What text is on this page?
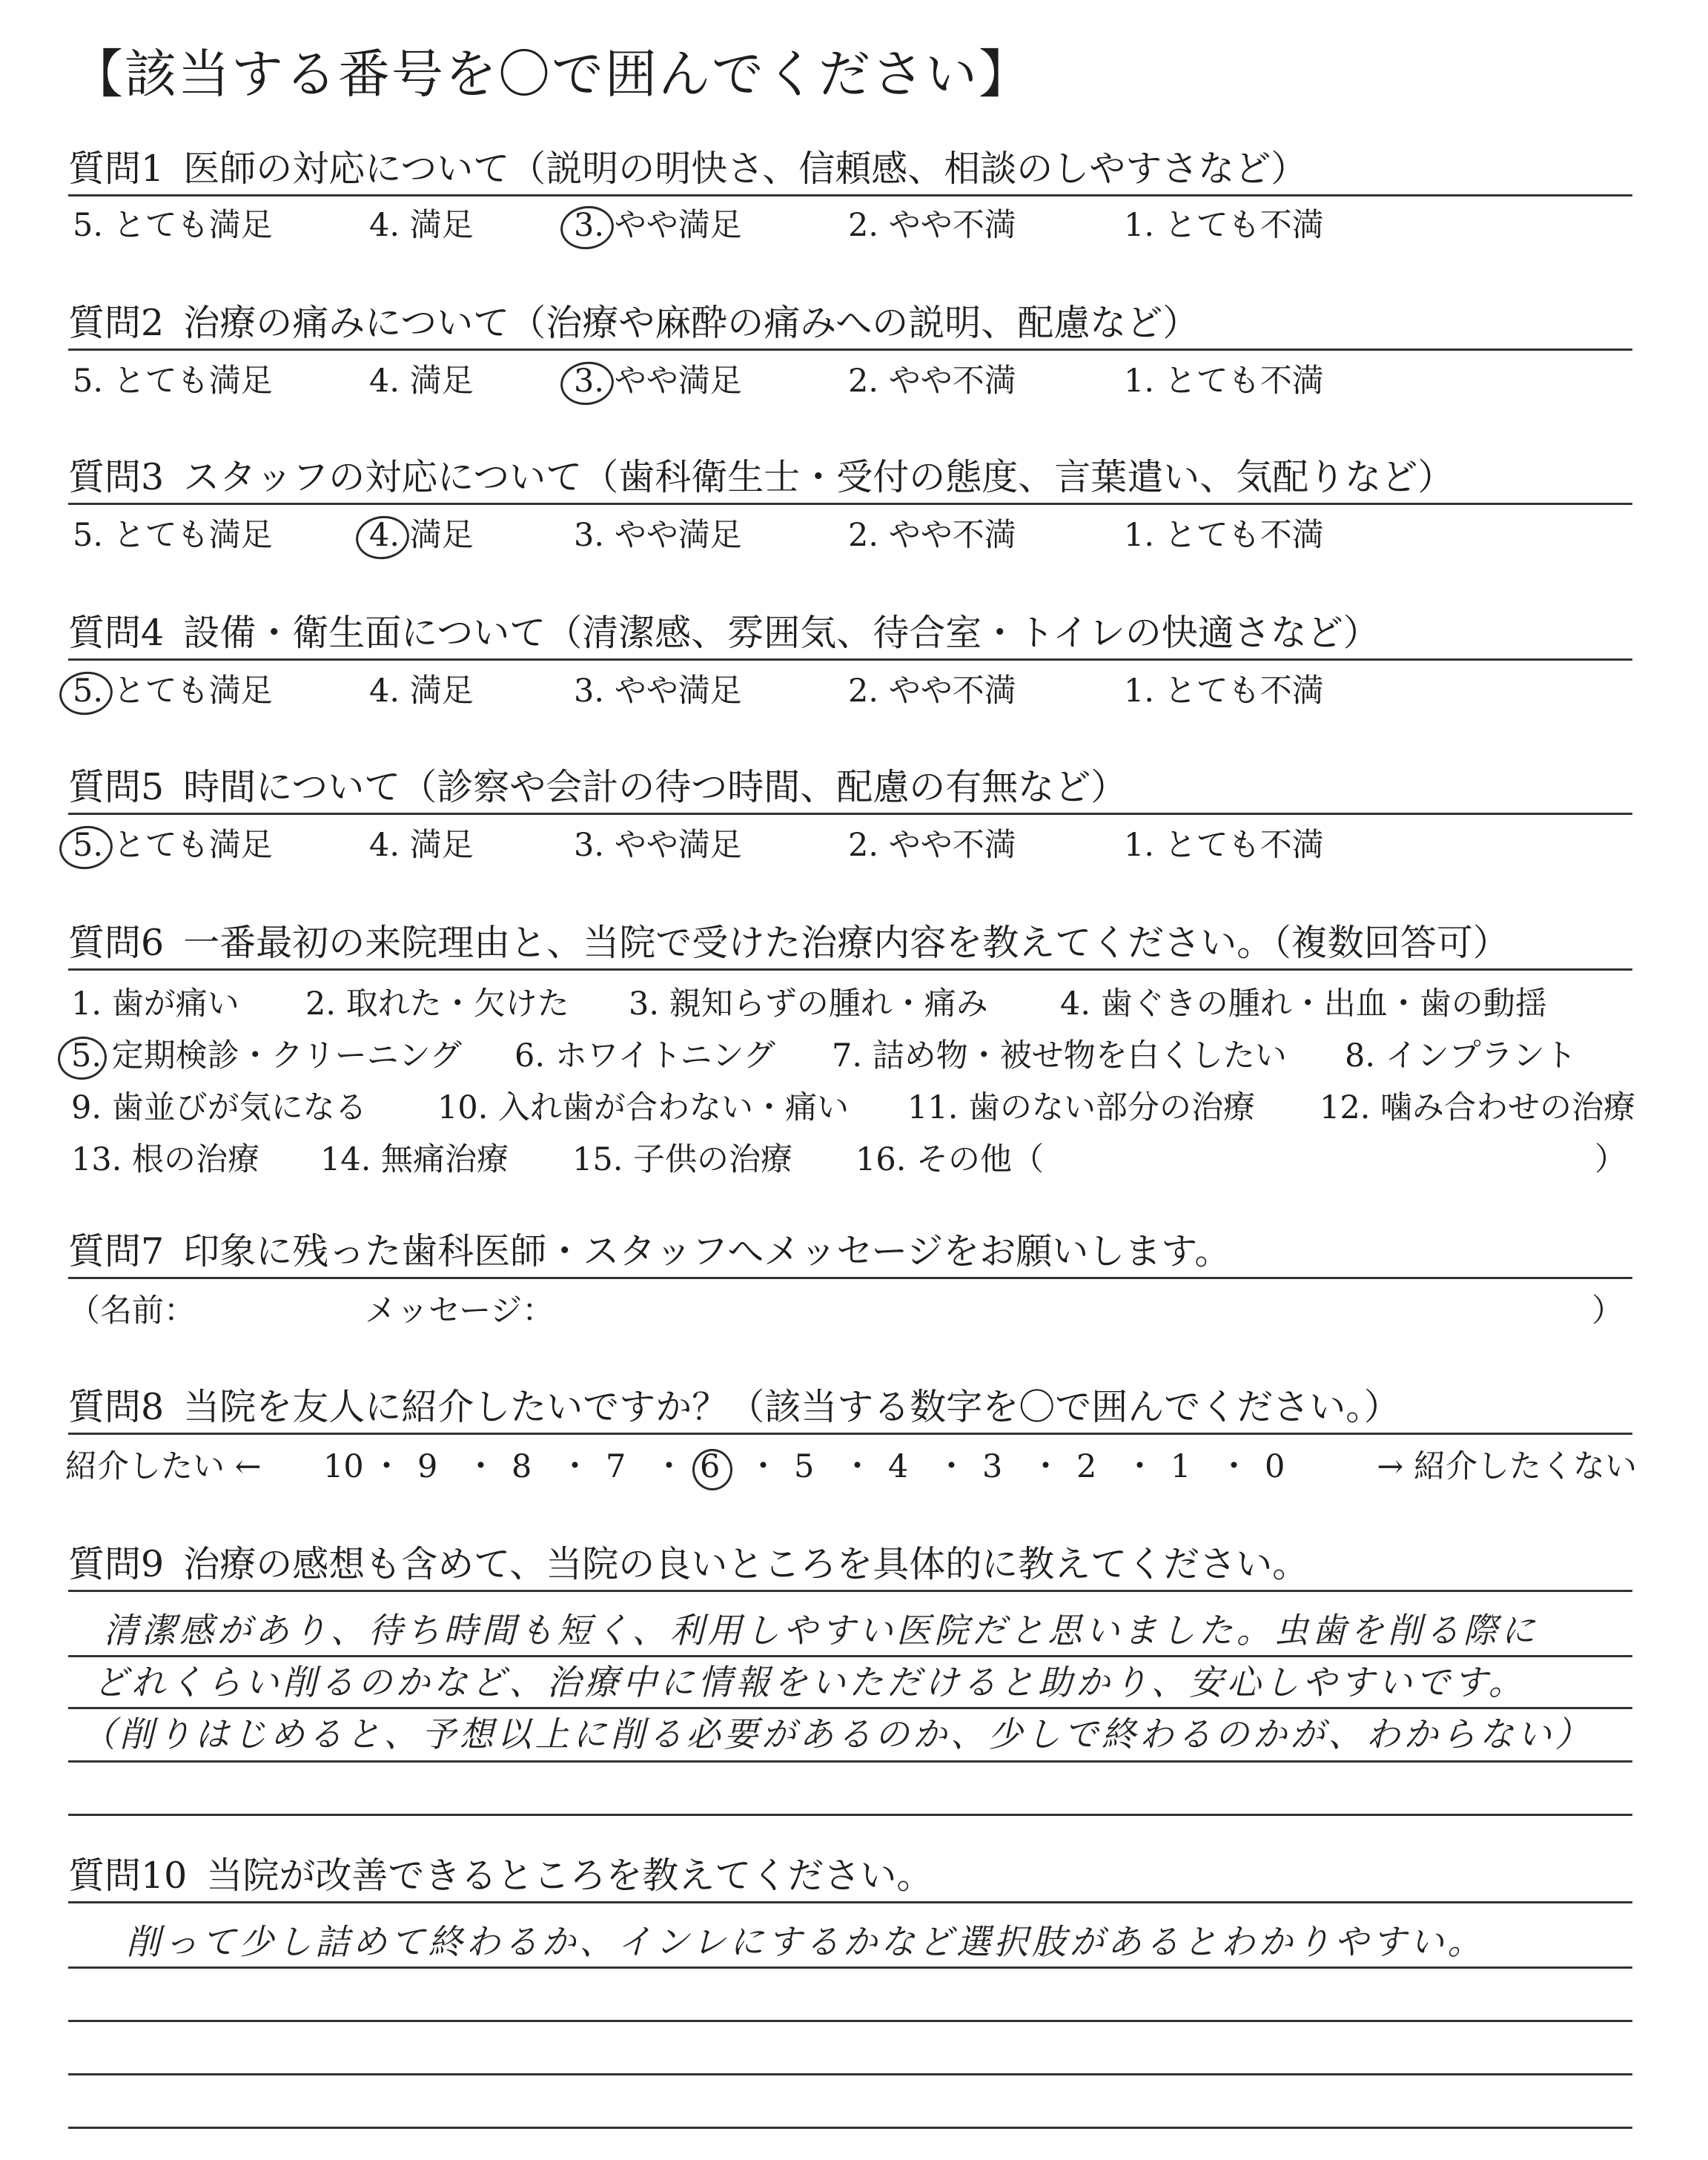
【該当する番号を〇で囲んでください】
質問1 医師の対応について（説明の明快さ、信頼感、相談のしやすさなど）
5. とても満足	4. 満足	3. やや満足	2. やや不満	1. とても不満
質問2 治療の痛みについて（治療や麻酔の痛みへの説明、配慮など）
5. とても満足	4. 満足	3. やや満足	2. やや不満	1. とても不満
質問3 スタッフの対応について（歯科衛生士・受付の態度、言葉遣い、気配りなど）
5. とても満足	4. 満足	3. やや満足	2. やや不満	1. とても不満
質問4 設備・衛生面について（清潔感、雰囲気、待合室・トイレの快適さなど）
5. とても満足	4. 満足	3. やや満足	2. やや不満	1. とても不満
質問5 時間について（診察や会計の待つ時間、配慮の有無など）
5. とても満足	4. 満足	3. やや満足	2. やや不満	1. とても不満
質問6 一番最初の来院理由と、当院で受けた治療内容を教えてください。（複数回答可）
1. 歯が痛い 2. 取れた・欠けた 3. 親知らずの腫れ・痛み 4. 歯ぐきの腫れ・出血・歯の動揺
5. 定期検診・クリーニング 6. ホワイトニング 7. 詰め物・被せ物を白くしたい 8. インプラント
9. 歯並びが気になる 10. 入れ歯が合わない・痛い 11. 歯のない部分の治療 12. 噛み合わせの治療
13. 根の治療 14. 無痛治療 15. 子供の治療 16. その他（	）
質問7 印象に残った歯科医師・スタッフへメッセージをお願いします。
（名前：	メッセージ：	）
質問8 当院を友人に紹介したいですか？（該当する数字を〇で囲んでください。）
紹介したい ←	→ 紹介したくない
10 ・ 9 ・ 8 ・ 7 ・ 6 ・ 5 ・ 4 ・ 3 ・ 2 ・ 1 ・ 0
質問9 治療の感想も含めて、当院の良いところを具体的に教えてください。
清潔感があり、待ち時間も短く、利用しやすい医院だと思いました。虫歯を削る際に
どれくらい削るのかなど、治療中に情報をいただけると助かり、安心しやすいです。
（削りはじめると、予想以上に削る必要があるのか、少しで終わるのかが、わからない）
質問10 当院が改善できるところを教えてください。
削って少し詰めて終わるか、インレにするかなど選択肢があるとわかりやすい。
